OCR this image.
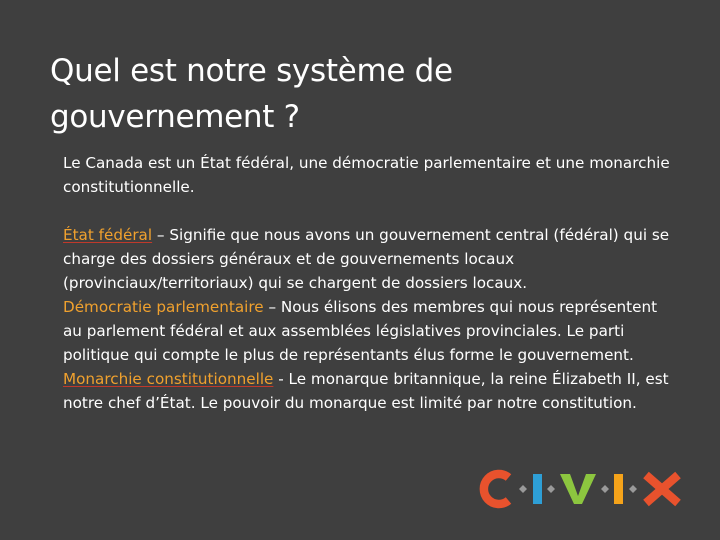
Quel est notre système de gouvernement ?

Le Canada est un État fédéral, une démocratie parlementaire et une monarchie constitutionnelle.

État fédéral – Signifie que nous avons un gouvernement central (fédéral) qui se charge des dossiers généraux et de gouvernements locaux (provinciaux/territoriaux) qui se chargent de dossiers locaux.

Démocratie parlementaire – Nous élisons des membres qui nous représentent au parlement fédéral et aux assemblées législatives provinciales. Le parti politique qui compte le plus de représentants élus forme le gouvernement.

Monarchie constitutionnelle - Le monarque britannique, la reine Élizabeth II, est notre chef d’État. Le pouvoir du monarque est limité par notre constitution.
